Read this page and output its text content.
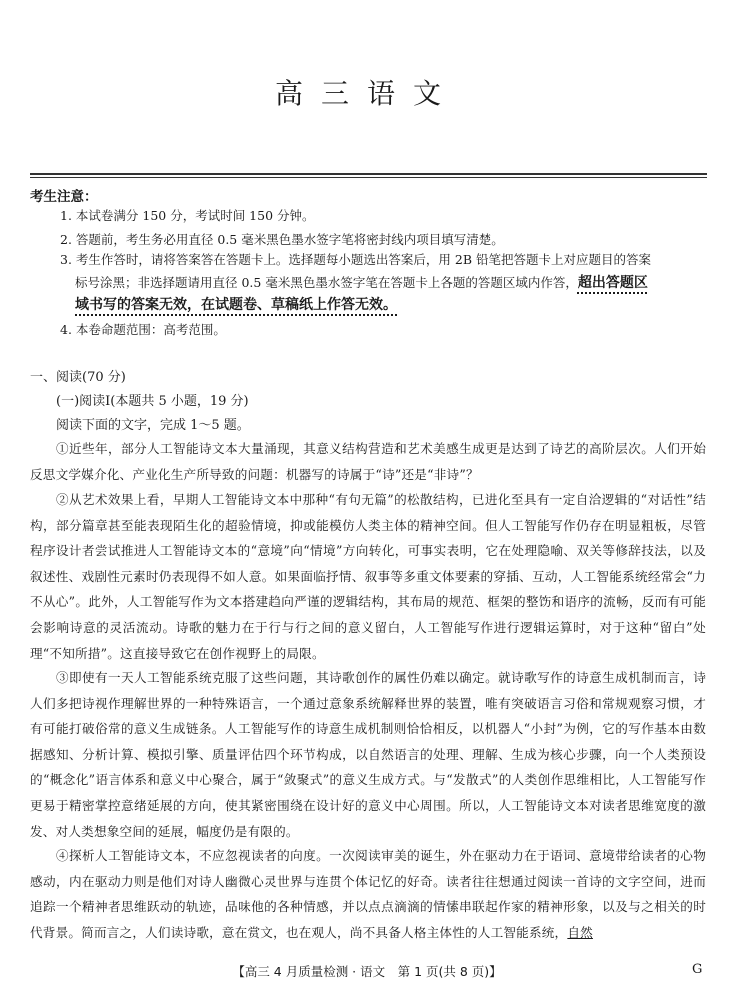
高三语文
考生注意：
1. 本试卷满分 150 分，考试时间 150 分钟。
2. 答题前，考生务必用直径 0.5 毫米黑色墨水签字笔将密封线内项目填写清楚。
3. 考生作答时，请将答案答在答题卡上。选择题每小题选出答案后，用 2B 铅笔把答题卡上对应题目的答案
标号涂黑；非选择题请用直径 0.5 毫米黑色墨水签字笔在答题卡上各题的答题区域内作答，超出答题区
域书写的答案无效，在试题卷、草稿纸上作答无效。
4. 本卷命题范围：高考范围。
一、阅读(70 分)
(一)阅读Ⅰ(本题共 5 小题，19 分)
阅读下面的文字，完成 1～5 题。
①近些年，部分人工智能诗文本大量涌现，其意义结构营造和艺术美感生成更是达到了诗艺的高阶层次。人们开始反思文学媒介化、产业化生产所导致的问题：机器写的诗属于“诗”还是“非诗”？
②从艺术效果上看，早期人工智能诗文本中那种“有句无篇”的松散结构，已进化至具有一定自洽逻辑的“对话性”结构，部分篇章甚至能表现陌生化的超验情境，抑或能模仿人类主体的精神空间。但人工智能写作仍存在明显粗板，尽管程序设计者尝试推进人工智能诗文本的“意境”向“情境”方向转化，可事实表明，它在处理隐喻、双关等修辞技法，以及叙述性、戏剧性元素时仍表现得不如人意。如果面临抒情、叙事等多重文体要素的穿插、互动，人工智能系统经常会“力不从心”。此外，人工智能写作为文本搭建趋向严谨的逻辑结构，其布局的规范、框架的整饬和语序的流畅，反而有可能会影响诗意的灵活流动。诗歌的魅力在于行与行之间的意义留白，人工智能写作进行逻辑运算时，对于这种“留白”处理“不知所措”。这直接导致它在创作视野上的局限。
③即使有一天人工智能系统克服了这些问题，其诗歌创作的属性仍难以确定。就诗歌写作的诗意生成机制而言，诗人们多把诗视作理解世界的一种特殊语言，一个通过意象系统解释世界的装置，唯有突破语言习俗和常规观察习惯，才有可能打破俗常的意义生成链条。人工智能写作的诗意生成机制则恰恰相反，以机器人“小封”为例，它的写作基本由数据感知、分析计算、模拟引擎、质量评估四个环节构成，以自然语言的处理、理解、生成为核心步骤，向一个人类预设的“概念化”语言体系和意义中心聚合，属于“敛聚式”的意义生成方式。与“发散式”的人类创作思维相比，人工智能写作更易于精密掌控意绪延展的方向，使其紧密围绕在设计好的意义中心周围。所以，人工智能诗文本对读者思维宽度的激发、对人类想象空间的延展，幅度仍是有限的。
④探析人工智能诗文本，不应忽视读者的向度。一次阅读审美的诞生，外在驱动力在于语词、意境带给读者的心物感动，内在驱动力则是他们对诗人幽微心灵世界与连贯个体记忆的好奇。读者往往想通过阅读一首诗的文字空间，进而追踪一个精神者思维跃动的轨迹，品味他的各种情感，并以点点滴滴的情愫串联起作家的精神形象，以及与之相关的时代背景。简而言之，人们读诗歌，意在赏文，也在观人，尚不具备人格主体性的人工智能系统，自然
【高三 4 月质量检测 · 语文　第 1 页(共 8 页)】	G
